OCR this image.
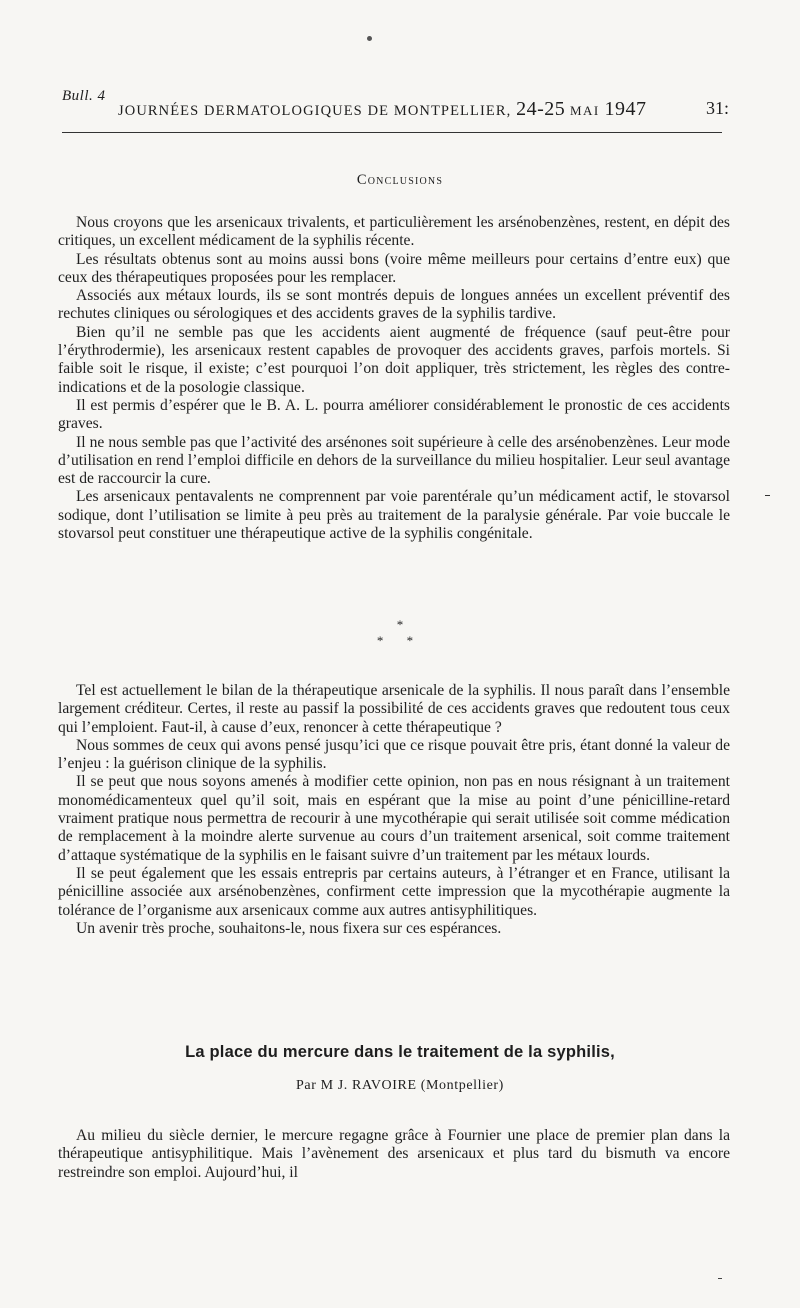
Bull. 4
JOURNÉES DERMATOLOGIQUES DE MONTPELLIER, 24-25 MAI 1947	31:
Conclusions

Nous croyons que les arsenicaux trivalents, et particulièrement les arsénobenzènes, restent, en dépit des critiques, un excellent médicament de la syphilis récente.

Les résultats obtenus sont au moins aussi bons (voire même meilleurs pour certains d’entre eux) que ceux des thérapeutiques proposées pour les remplacer.

Associés aux métaux lourds, ils se sont montrés depuis de longues années un excellent préventif des rechutes cliniques ou sérologiques et des accidents graves de la syphilis tardive.

Bien qu’il ne semble pas que les accidents aient augmenté de fréquence (sauf peut-être pour l’érythrodermie), les arsenicaux restent capables de provoquer des accidents graves, parfois mortels. Si faible soit le risque, il existe; c’est pourquoi l’on doit appliquer, très strictement, les règles des contre-indications et de la posologie classique.

Il est permis d’espérer que le B. A. L. pourra améliorer considérablement le pronostic de ces accidents graves.

Il ne nous semble pas que l’activité des arsénones soit supérieure à celle des arsénobenzènes. Leur mode d’utilisation en rend l’emploi difficile en dehors de la surveillance du milieu hospitalier. Leur seul avantage est de raccourcir la cure.

Les arsenicaux pentavalents ne comprennent par voie parentérale qu’un médicament actif, le stovarsol sodique, dont l’utilisation se limite à peu près au traitement de la paralysie générale. Par voie buccale le stovarsol peut constituer une thérapeutique active de la syphilis congénitale.

*
* *

Tel est actuellement le bilan de la thérapeutique arsenicale de la syphilis. Il nous paraît dans l’ensemble largement créditeur. Certes, il reste au passif la possibilité de ces accidents graves que redoutent tous ceux qui l’emploient. Faut-il, à cause d’eux, renoncer à cette thérapeutique ?

Nous sommes de ceux qui avons pensé jusqu’ici que ce risque pouvait être pris, étant donné la valeur de l’enjeu : la guérison clinique de la syphilis.

Il se peut que nous soyons amenés à modifier cette opinion, non pas en nous résignant à un traitement monomédicamenteux quel qu’il soit, mais en espérant que la mise au point d’une pénicilline-retard vraiment pratique nous permettra de recourir à une mycothérapie qui serait utilisée soit comme médication de remplacement à la moindre alerte survenue au cours d’un traitement arsenical, soit comme traitement d’attaque systématique de la syphilis en le faisant suivre d’un traitement par les métaux lourds.

Il se peut également que les essais entrepris par certains auteurs, à l’étranger et en France, utilisant la pénicilline associée aux arsénobenzènes, confirment cette impression que la mycothérapie augmente la tolérance de l’organisme aux arsenicaux comme aux autres antisyphilitiques.

Un avenir très proche, souhaitons-le, nous fixera sur ces espérances.

La place du mercure dans le traitement de la syphilis,
Par M J. RAVOIRE (Montpellier)

Au milieu du siècle dernier, le mercure regagne grâce à Fournier une place de premier plan dans la thérapeutique antisyphilitique. Mais l’avènement des arsenicaux et plus tard du bismuth va encore restreindre son emploi. Aujourd’hui, il
